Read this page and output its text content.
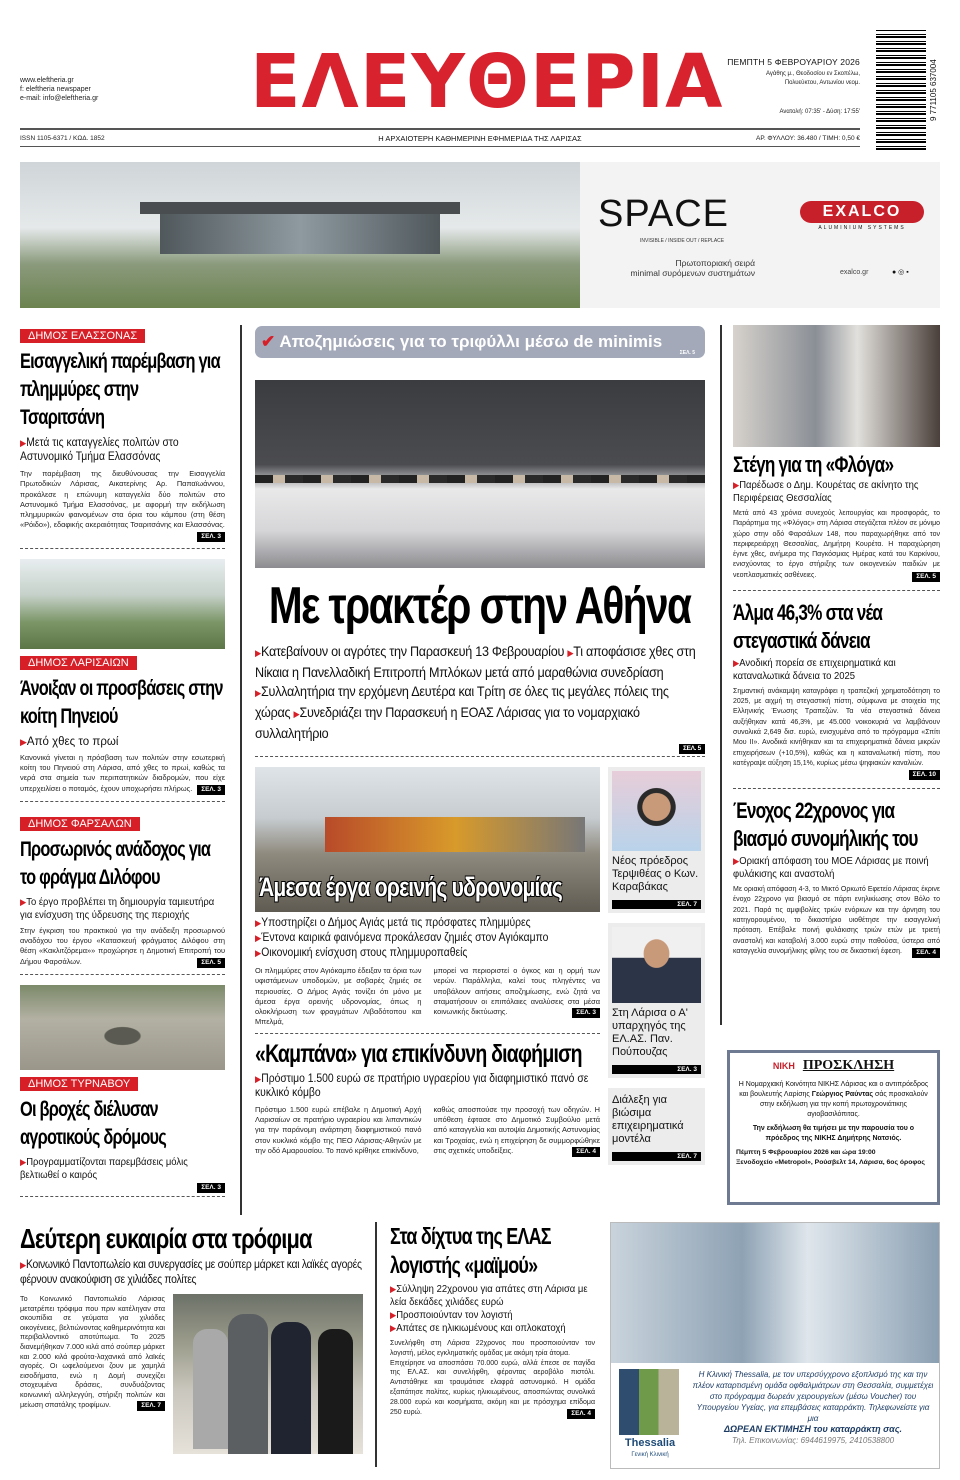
www.eleftheria.gr
f: eleftheria newspaper
e-mail: info@eleftheria.gr ΕΛΕΥΘΕΡΙΑ ΠΕΜΠΤΗ 5 ΦΕΒΡΟΥΑΡΙΟΥ 2026
Αγάθης μ., Θεοδοσίου εν Σκοπέλω,
Πολυεύκτου, Αντωνίου νεομ.
Ανατολή: 07:35' - Δύση: 17:55'	9 771105 637004
ISSN 1105-6371 / ΚΩΔ. 1852	Η ΑΡΧΑΙΟΤΕΡΗ ΚΑΘΗΜΕΡΙΝΗ ΕΦΗΜΕΡΙΔΑ ΤΗΣ ΛΑΡΙΣΑΣ	ΑΡ. ΦΥΛΛΟΥ: 36.480 / ΤΙΜΗ: 0,50 €
SPACE
INVISIBLE / INSIDE OUT / REPLACE
Πρωτοποριακή σειρά
minimal συρόμενων συστημάτων
EXALCO
ALUMINIUM SYSTEMS
exalco.gr	● ◎ ▪
ΔΗΜΟΣ ΕΛΑΣΣΟΝΑΣ
Εισαγγελική παρέμβαση για πλημμύρες στην Τσαριτσάνη
▶Μετά τις καταγγελίες πολιτών στο Αστυνομικό Τμήμα Ελασσόνας
Την παρέμβαση της διευθύνουσας την Εισαγγελία Πρωτοδικών Λάρισας, Αικατερίνης Αρ. Παπαϊωάννου, προκάλεσε η επώνυμη καταγγελία δύο πολιτών στο Αστυνομικό Τμήμα Ελασσόνας, με αφορμή την εκδήλωση πλημμυρικών φαινομένων στα όρια του κάμπου (στη θέση «Ρόιδο»), εδαφικής ακεραιότητας Τσαριτσάνης και Ελασσόνας.
ΣΕΛ. 3
ΔΗΜΟΣ ΛΑΡΙΣΑΙΩΝ
Άνοιξαν οι προσβάσεις στην κοίτη Πηνειού
▶Από χθες το πρωί
Κανονικά γίνεται η πρόσβαση των πολιτών στην εσωτερική κοίτη του Πηνειού στη Λάρισα, από χθες το πρωί, καθώς τα νερά στα σημεία των περιπατητικών διαδρομών, που είχε υπερχειλίσει ο ποταμός, έχουν υποχωρήσει πλήρως.	ΣΕΛ. 3
ΔΗΜΟΣ ΦΑΡΣΑΛΩΝ
Προσωρινός ανάδοχος για το φράγμα Διλόφου
▶Το έργο προβλέπει τη δημιουργία ταμιευτήρα για ενίσχυση της ύδρευσης της περιοχής
Στην έγκριση του πρακτικού για την ανάδειξη προσωρινού αναδόχου του έργου «Κατασκευή φράγματος Διλόφου στη θέση «Κακλιτζόρεμα»» προχώρησε η Δημοτική Επιτροπή του Δήμου Φαρσάλων.	ΣΕΛ. 5
ΔΗΜΟΣ ΤΥΡΝΑΒΟΥ
Οι βροχές διέλυσαν αγροτικούς δρόμους
▶Προγραμματίζονται παρεμβάσεις μόλις βελτιωθεί ο καιρός
ΣΕΛ. 3
✔ Αποζημιώσεις για το τριφύλλι μέσω de minimis
ΣΕΛ. 5
Με τρακτέρ στην Αθήνα
▶Κατεβαίνουν οι αγρότες την Παρασκευή 13 Φεβρουαρίου ▶Τι αποφάσισε χθες στη Νίκαια η Πανελλαδική Επιτροπή Μπλόκων μετά από μαραθώνια συνεδρίαση ▶Συλλαλητήρια την ερχόμενη Δευτέρα και Τρίτη σε όλες τις μεγάλες πόλεις της χώρας ▶Συνεδριάζει την Παρασκευή η ΕΟΑΣ Λάρισας για το νομαρχιακό συλλαλητήριο
ΣΕΛ. 5
Άμεσα έργα ορεινής υδρονομίας
▶Υποστηρίζει ο Δήμος Αγιάς μετά τις πρόσφατες πλημμύρες
▶Έντονα καιρικά φαινόμενα προκάλεσαν ζημιές στον Αγιόκαμπο
▶Οικονομική ενίσχυση στους πλημμυροπαθείς
Οι πλημμύρες στον Αγιόκαμπο έδειξαν τα όρια των υφιστάμενων υποδομών, με σοβαρές ζημιές σε περιουσίες. Ο Δήμος Αγιάς τονίζει ότι μόνο με άμεσα έργα ορεινής υδρονομίας, όπως η ολοκλήρωση των φραγμάτων Λιβαδότοπου και Μπελμά,
μπορεί να περιοριστεί ο όγκος και η ορμή των νερών. Παράλληλα, καλεί τους πληγέντες να υποβάλουν αιτήσεις αποζημίωσης, ενώ ζητά να σταματήσουν οι επιπόλαιες αναλύσεις στα μέσα κοινωνικής δικτύωσης.	ΣΕΛ. 3
«Καμπάνα» για επικίνδυνη διαφήμιση
▶Πρόστιμο 1.500 ευρώ σε πρατήριο υγραερίου για διαφημιστικό πανό σε κυκλικό κόμβο
Πρόστιμο 1.500 ευρώ επέβαλε η Δημοτική Αρχή Λαρισαίων σε πρατήριο υγραερίου και λιπαντικών για την παράνομη ανάρτηση διαφημιστικού πανό στον κυκλικό κόμβο της ΠΕΟ Λάρισας-Αθηνών με την οδό Αμαρουσίου. Το πανό κρίθηκε επικίνδυνο,
καθώς αποσπούσε την προσοχή των οδηγών. Η υπόθεση έφτασε στο Δημοτικό Συμβούλιο μετά από καταγγελία και αυτοψία Δημοτικής Αστυνομίας και Τροχαίας, ενώ η επιχείρηση δε συμμορφώθηκε στις σχετικές υποδείξεις.	ΣΕΛ. 4
Νέος πρόεδρος Τερψιθέας ο Κων. Καραβάκας
ΣΕΛ. 7
Στη Λάρισα ο Α' υπαρχηγός της ΕΛ.ΑΣ. Παν. Πούπουζας
ΣΕΛ. 3
Διάλεξη για βιώσιμα επιχειρηματικά μοντέλα
ΣΕΛ. 7
Στέγη για τη «Φλόγα»
▶Παρέδωσε ο Δημ. Κουρέτας σε ακίνητο της Περιφέρειας Θεσσαλίας
Μετά από 43 χρόνια συνεχούς λειτουργίας και προσφοράς, το Παράρτημα της «Φλόγας» στη Λάρισα στεγάζεται πλέον σε μόνιμο χώρο στην οδό Φαρσάλων 148, που παραχωρήθηκε από τον περιφερειάρχη Θεσσαλίας, Δημήτρη Κουρέτα. Η παραχώρηση έγινε χθες, ανήμερα της Παγκόσμιας Ημέρας κατά του Καρκίνου, ενισχύοντας το έργο στήριξης των οικογενειών παιδιών με νεοπλασματικές ασθένειες.	ΣΕΛ. 5
Άλμα 46,3% στα νέα στεγαστικά δάνεια
▶Ανοδική πορεία σε επιχειρηματικά και καταναλωτικά δάνεια το 2025
Σημαντική ανάκαμψη καταγράφει η τραπεζική χρηματοδότηση το 2025, με αιχμή τη στεγαστική πίστη, σύμφωνα με στοιχεία της Ελληνικής Ένωσης Τραπεζών. Τα νέα στεγαστικά δάνεια αυξήθηκαν κατά 46,3%, με 45.000 νοικοκυριά να λαμβάνουν συνολικά 2,649 δισ. ευρώ, ενισχυμένα από το πρόγραμμα «Σπίτι Μου ΙΙ». Ανοδικά κινήθηκαν και τα επιχειρηματικά δάνεια μικρών επιχειρήσεων (+10,5%), καθώς και η καταναλωτική πίστη, που κατέγραψε αύξηση 15,1%, κυρίως μέσω ψηφιακών καναλιών.
ΣΕΛ. 10
Ένοχος 22χρονος για βιασμό συνομήλικής του
▶Οριακή απόφαση του ΜΟΕ Λάρισας με ποινή φυλάκισης και αναστολή
Με οριακή απόφαση 4-3, το Μικτό Ορκωτό Εφετείο Λάρισας έκρινε ένοχο 22χρονο για βιασμό σε πάρτι ενηλικίωσης στον Βόλο το 2021. Παρά τις αμφιβολίες τριών ενόρκων και την άρνηση του κατηγορουμένου, το δικαστήριο υιοθέτησε την εισαγγελική πρόταση. Επέβαλε ποινή φυλάκισης τριών ετών με τριετή αναστολή και καταβολή 3.000 ευρώ στην παθούσα, ύστερα από καταγγελία συνομήλικης φίλης του σε δικαστική έφεση.	ΣΕΛ. 4
ΝΙΚΗ ΠΡΟΣΚΛΗΣΗ
Η Νομαρχιακή Κοινότητα ΝΙΚΗΣ Λάρισας και ο αντιπρόεδρος και βουλευτής Λαρίσης Γεώργιος Ραύντας σάς προσκαλούν στην εκδήλωση για την κοπή πρωτοχρονιάτικης αγιοβασιλόπιτας.
Την εκδήλωση θα τιμήσει με την παρουσία του ο πρόεδρος της ΝΙΚΗΣ Δημήτρης Νατσιός.
Πέμπτη 5 Φεβρουαρίου 2026 και ώρα 19:00
Ξενοδοχείο «Metropol», Ρούσβελτ 14, Λάρισα, 6ος όροφος
Δεύτερη ευκαιρία στα τρόφιμα
▶Κοινωνικό Παντοπωλείο και συνεργασίες με σούπερ μάρκετ και λαϊκές αγορές φέρνουν ανακούφιση σε χιλιάδες πολίτες
Το Κοινωνικό Παντοπωλείο Λάρισας μετατρέπει τρόφιμα που πριν κατέληγαν στα σκουπίδια σε γεύματα για χιλιάδες οικογένειες, βελτιώνοντας καθημερινότητα και περιβαλλοντικό αποτύπωμα. Το 2025 διανεμήθηκαν 7.000 κιλά από σούπερ μάρκετ και 2.000 κιλά φρούτα-λαχανικά από λαϊκές αγορές. Οι ωφελούμενοι ζουν με χαμηλά εισοδήματα, ενώ η Δομή συνεχίζει στοχευμένα δράσεις, συνδυάζοντας κοινωνική αλληλεγγύη, στήριξη πολιτών και μείωση σπατάλης τροφίμων.	ΣΕΛ. 7
Στα δίχτυα της ΕΛΑΣ λογιστής «μαϊμού»
▶Σύλληψη 22χρονου για απάτες στη Λάρισα με λεία δεκάδες χιλιάδες ευρώ
▶Προσποιούνταν τον λογιστή
▶Απάτες σε ηλικιωμένους και οπλοκατοχή
Συνελήφθη στη Λάρισα 22χρονος που προσποιούνταν τον λογιστή, μέλος εγκληματικής ομάδας με ακόμη τρία άτομα.
Επιχείρησε να αποσπάσει 70.000 ευρώ, αλλά έπεσε σε παγίδα της ΕΛ.ΑΣ. και συνελήφθη, φέροντας αεροβόλο πιστόλι. Αντιστάθηκε και τραυμάτισε ελαφρά αστυνομικό. Η ομάδα εξαπάτησε πολίτες, κυρίως ηλικιωμένους, αποσπώντας συνολικά 28.000 ευρώ και κοσμήματα, ακόμη και με πρόσχημα επίδομα 250 ευρώ.	ΣΕΛ. 4
Thessalia
Γενική Κλινική
Η Κλινική Thessalia, με τον υπερσύγχρονο εξοπλισμό της και την πλέον καταρτισμένη ομάδα οφθαλμιάτρων στη Θεσσαλία, συμμετέχει στο πρόγραμμα δωρεάν χειρουργείων (μέσω Voucher) του Υπουργείου Υγείας, για επεμβάσεις καταρράκτη. Τηλεφωνείστε για μια
ΔΩΡΕΑΝ ΕΚΤΙΜΗΣΗ του καταρράκτη σας.
Τηλ. Επικοινωνίας: 6944619975, 2410538800
